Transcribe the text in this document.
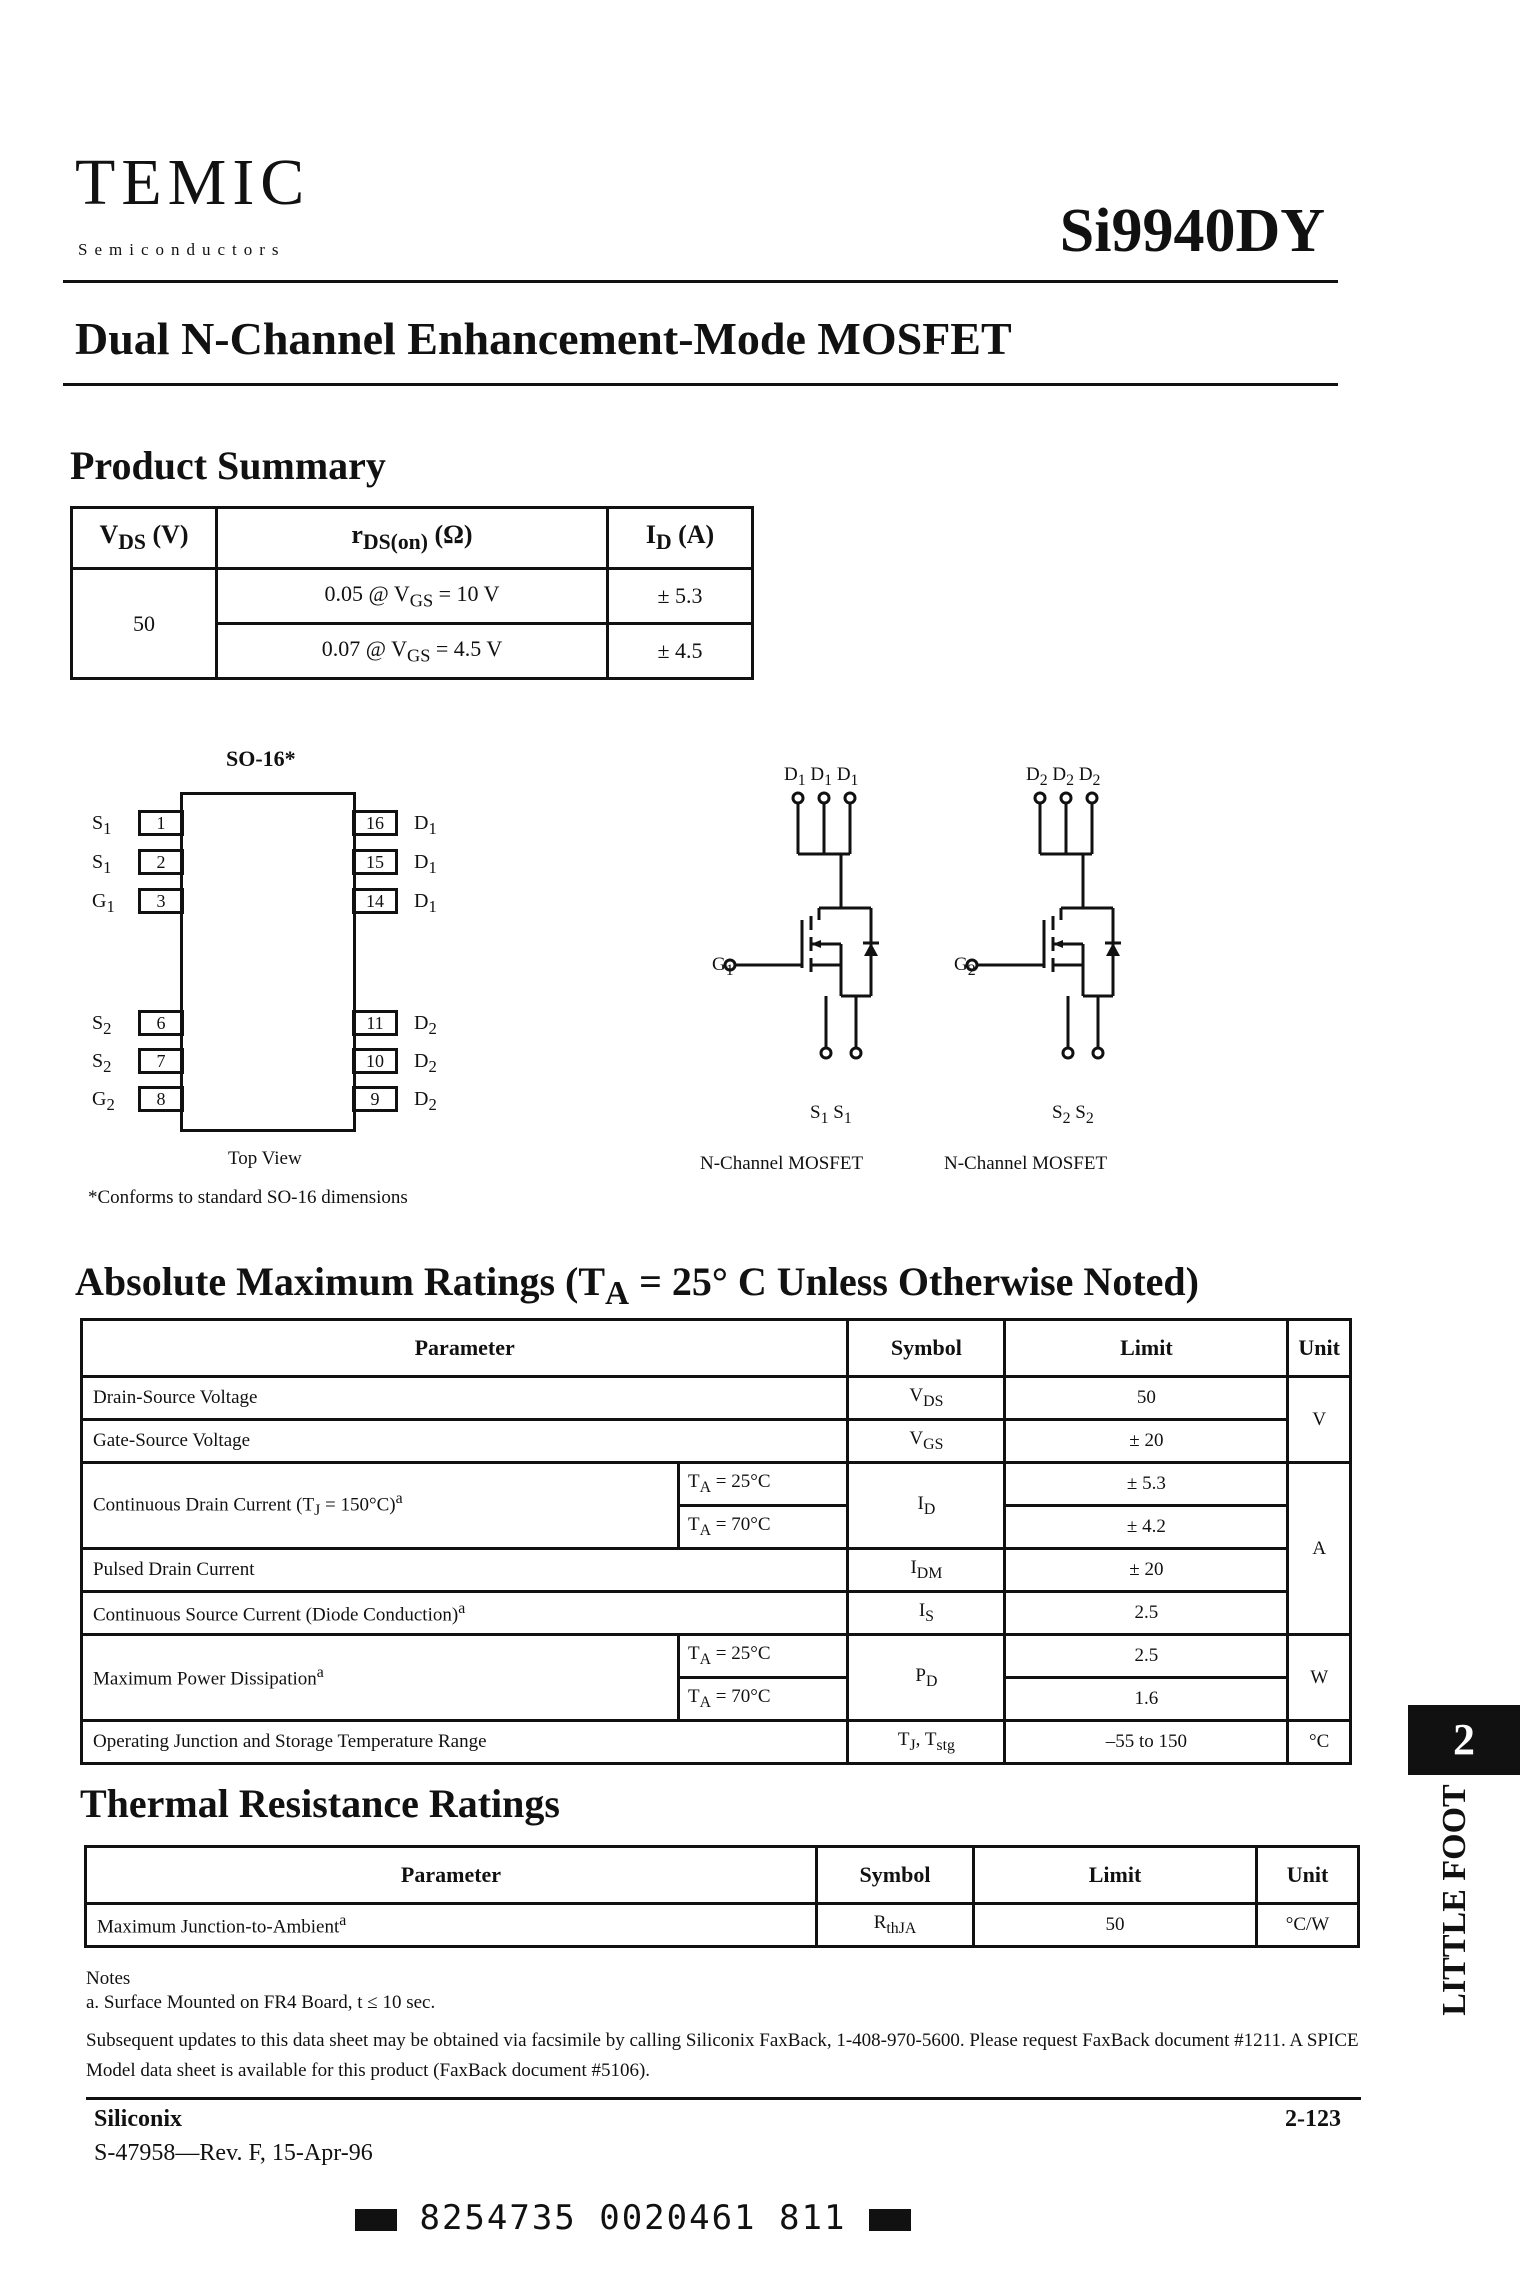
TEMIC
Semiconductors	Si9940DY
Dual N-Channel Enhancement-Mode MOSFET
Product Summary
$V_{DS}$ (V)	$r_{DS(on)}$ (Ω)	$I_D$ (A)
50	0.05 @ $V_{GS} = 10$ V	± 5.3
	0.07 @ $V_{GS} = 4.5$ V	± 4.5
SO-16*
$S_1$	1
$S_1$	2
$G_1$	3
$S_2$	6
$S_2$	7
$G_2$	8
16	$D_1$
15	$D_1$
14	$D_1$
11	$D_2$
10	$D_2$
9	$D_2$
Top View
*Conforms to standard SO-16 dimensions
$D_1$ $D_1$ $D_1$
$G_1$
$S_1$ $S_1$
N-Channel MOSFET
$D_2$ $D_2$ $D_2$
$G_2$
$S_2$ $S_2$
N-Channel MOSFET
Absolute Maximum Ratings ($T_A = 25^\circ$ C Unless Otherwise Noted)
Parameter		Symbol	Limit	Unit
Drain-Source Voltage		$V_{DS}$	50	V
Gate-Source Voltage		$V_{GS}$	± 20	
Continuous Drain Current $(T_J = 150^\circ C)^a$	$T_A = 25^\circ C$	$I_D$	± 5.3	A
	$T_A = 70^\circ C$		± 4.2	
Pulsed Drain Current		$I_{DM}$	± 20	
Continuous Source Current (Diode Conduction)$^a$		$I_S$	2.5	
Maximum Power Dissipation$^a$	$T_A = 25^\circ C$	$P_D$	2.5	W
	$T_A = 70^\circ C$		1.6	
Operating Junction and Storage Temperature Range		$T_J$, $T_{stg}$	–55 to 150	°C
Thermal Resistance Ratings
Parameter	Symbol	Limit	Unit
Maximum Junction-to-Ambient$^a$	$R_{thJA}$	50	°C/W
Notes
a. Surface Mounted on FR4 Board, t ≤ 10 sec.
Subsequent updates to this data sheet may be obtained via facsimile by calling Siliconix FaxBack, 1-408-970-5600. Please request FaxBack document #1211. A SPICE Model data sheet is available for this product (FaxBack document #5106).
Siliconix
S-47958—Rev. F, 15-Apr-96
2-123
8254735 0020461 811
2
LITTLE FOOT
